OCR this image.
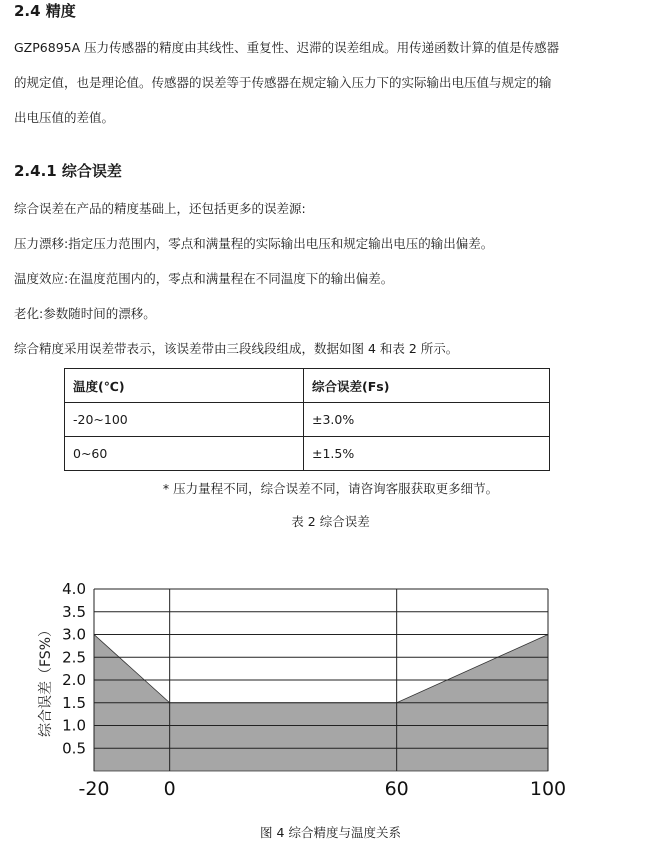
2.4 精度
GZP6895A 压力传感器的精度由其线性、重复性、迟滞的误差组成。用传递函数计算的值是传感器
的规定值，也是理论值。传感器的误差等于传感器在规定输入压力下的实际输出电压值与规定的输
出电压值的差值。
2.4.1 综合误差
综合误差在产品的精度基础上，还包括更多的误差源:
压力漂移:指定压力范围内，零点和满量程的实际输出电压和规定输出电压的输出偏差。
温度效应:在温度范围内的，零点和满量程在不同温度下的输出偏差。
老化:参数随时间的漂移。
综合精度采用误差带表示，该误差带由三段线段组成，数据如图 4 和表 2 所示。
温度(℃)	综合误差(Fs)
-20~100	±3.0%
0~60	±1.5%
* 压力量程不同，综合误差不同，请咨询客服获取更多细节。
表 2 综合误差
0.5
1.0
1.5
2.0
2.5
3.0
3.5
4.0
-20	0	60	100
综合误差（FS%）
图 4 综合精度与温度关系
